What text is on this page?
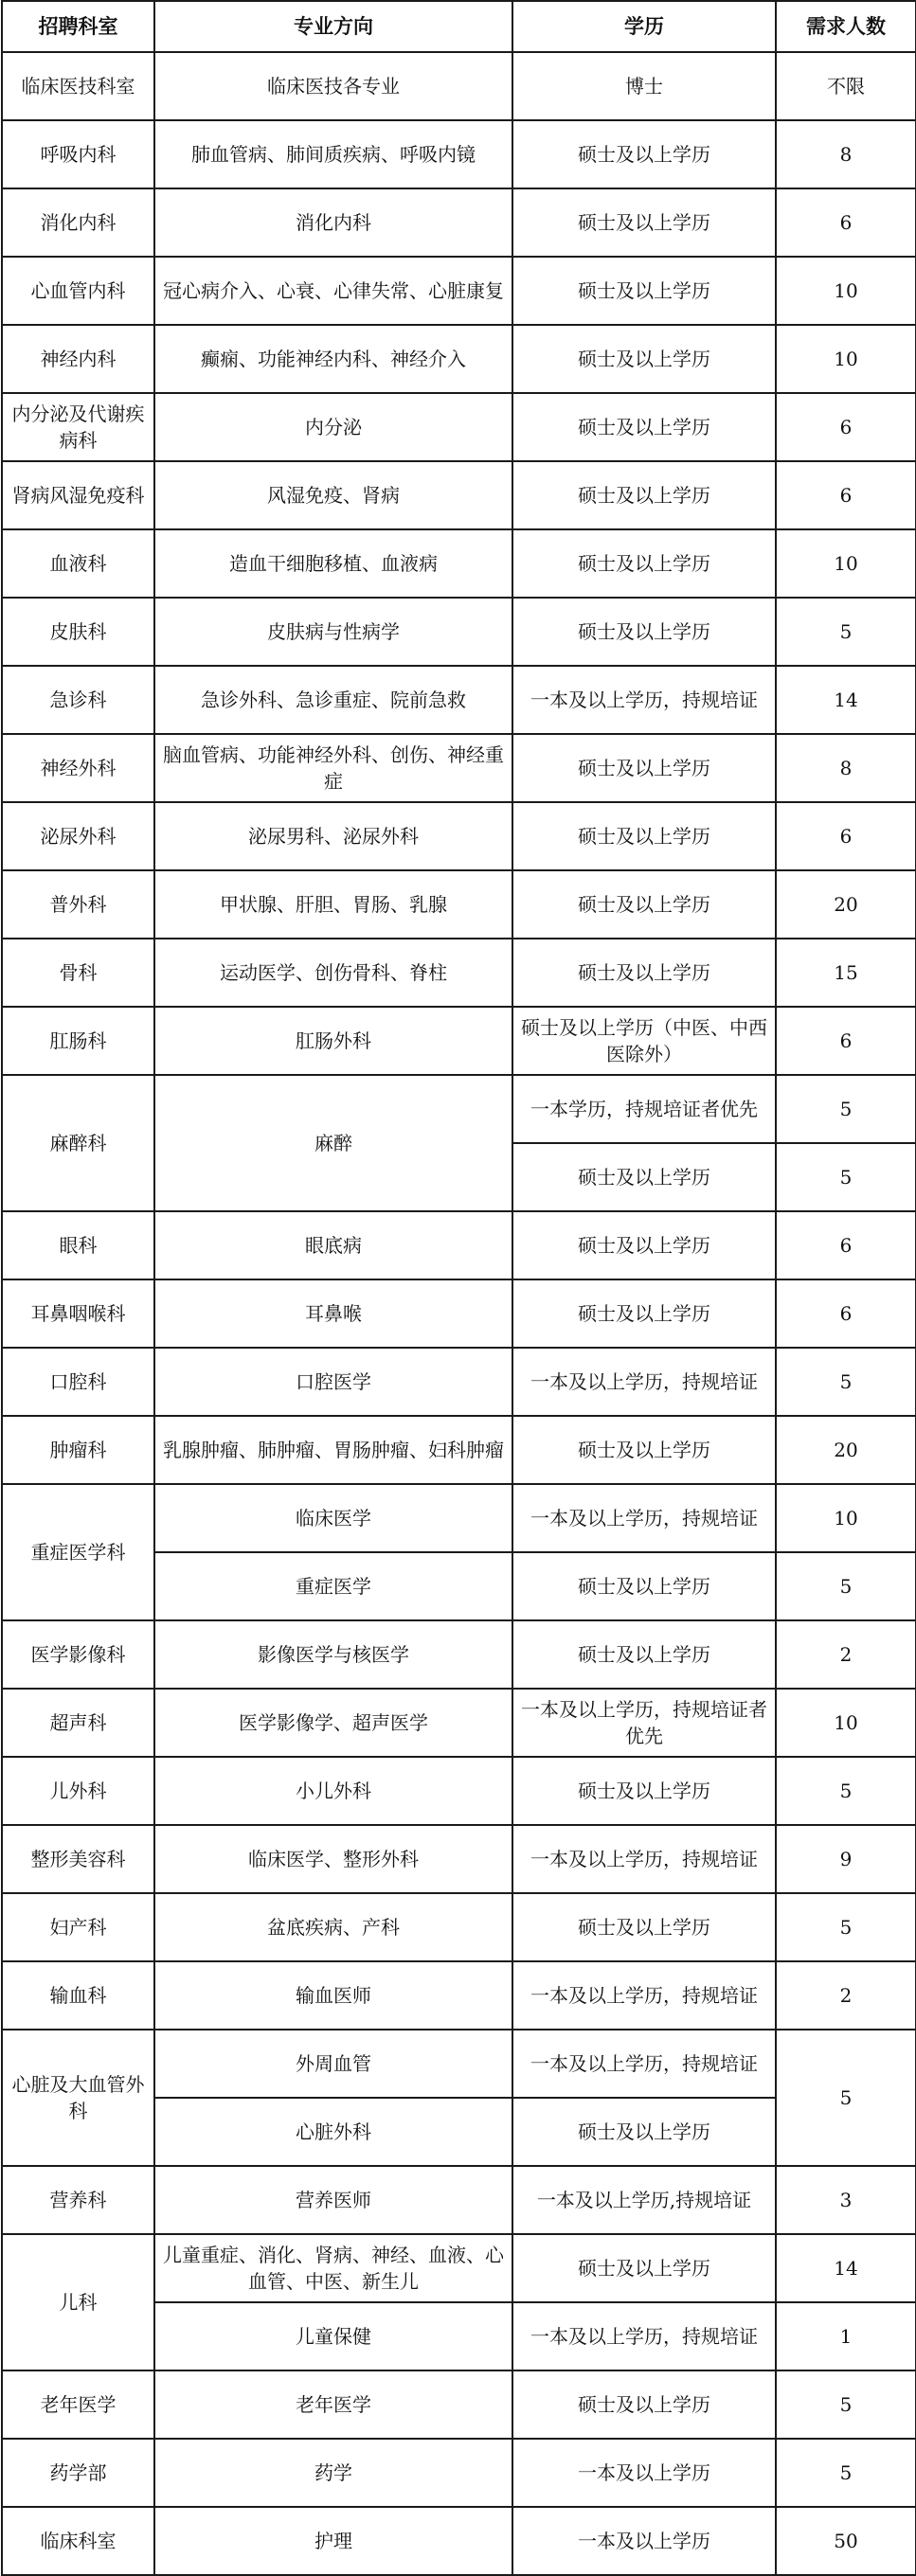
招聘科室	专业方向	学历	需求人数
临床医技科室	临床医技各专业	博士	不限
呼吸内科	肺血管病、肺间质疾病、呼吸内镜	硕士及以上学历	8
消化内科	消化内科	硕士及以上学历	6
心血管内科	冠心病介入、心衰、心律失常、心脏康复	硕士及以上学历	10
神经内科	癫痫、功能神经内科、神经介入	硕士及以上学历	10
内分泌及代谢疾病科	内分泌	硕士及以上学历	6
肾病风湿免疫科	风湿免疫、肾病	硕士及以上学历	6
血液科	造血干细胞移植、血液病	硕士及以上学历	10
皮肤科	皮肤病与性病学	硕士及以上学历	5
急诊科	急诊外科、急诊重症、院前急救	一本及以上学历，持规培证	14
神经外科	脑血管病、功能神经外科、创伤、神经重症	硕士及以上学历	8
泌尿外科	泌尿男科、泌尿外科	硕士及以上学历	6
普外科	甲状腺、肝胆、胃肠、乳腺	硕士及以上学历	20
骨科	运动医学、创伤骨科、脊柱	硕士及以上学历	15
肛肠科	肛肠外科	硕士及以上学历（中医、中西医除外）	6
麻醉科	麻醉	一本学历，持规培证者优先	5
		硕士及以上学历	5
眼科	眼底病	硕士及以上学历	6
耳鼻咽喉科	耳鼻喉	硕士及以上学历	6
口腔科	口腔医学	一本及以上学历，持规培证	5
肿瘤科	乳腺肿瘤、肺肿瘤、胃肠肿瘤、妇科肿瘤	硕士及以上学历	20
重症医学科	临床医学	一本及以上学历，持规培证	10
	重症医学	硕士及以上学历	5
医学影像科	影像医学与核医学	硕士及以上学历	2
超声科	医学影像学、超声医学	一本及以上学历，持规培证者优先	10
儿外科	小儿外科	硕士及以上学历	5
整形美容科	临床医学、整形外科	一本及以上学历，持规培证	9
妇产科	盆底疾病、产科	硕士及以上学历	5
输血科	输血医师	一本及以上学历，持规培证	2
心脏及大血管外科	外周血管	一本及以上学历，持规培证	5
	心脏外科	硕士及以上学历	
营养科	营养医师	一本及以上学历,持规培证	3
儿科	儿童重症、消化、肾病、神经、血液、心血管、中医、新生儿	硕士及以上学历	14
	儿童保健	一本及以上学历，持规培证	1
老年医学	老年医学	硕士及以上学历	5
药学部	药学	一本及以上学历	5
临床科室	护理	一本及以上学历	50
